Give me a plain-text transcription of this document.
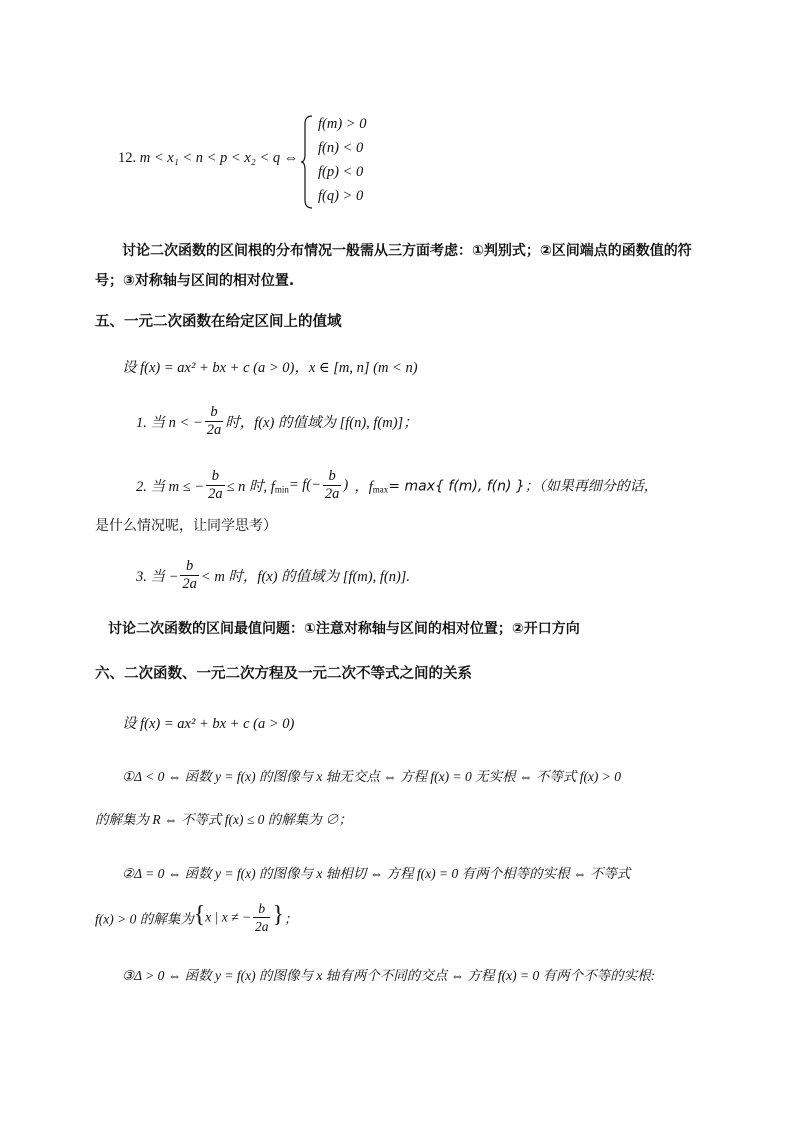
12. m < x₁ < n < p < x₂ < q ⇔
f(m) > 0
f(n) < 0
f(p) < 0
f(q) > 0
讨论二次函数的区间根的分布情况一般需从三方面考虑：①判别式；②区间端点的函数值的符
号；③对称轴与区间的相对位置.
五、一元二次函数在给定区间上的值域
设 f(x) = ax² + bx + c (a > 0)，x ∈ [m, n] (m < n)
1. 当 n < − $\frac{b}{2a}$ 时，f(x) 的值域为 [f(n), f(m)]；
2. 当 m ≤ − $\frac{b}{2a} \le n$ 时, $f_{min}= f(- \frac{b}{2a}$ ) ，$f_{max}= \max${ f(m), f(n) }；（如果再细分的话，
是什么情况呢，让同学思考）
3. 当 − $\frac{b}{2a} < m$ 时，f(x) 的值域为 [f(m), f(n)].
讨论二次函数的区间最值问题：①注意对称轴与区间的相对位置；②开口方向
六、二次函数、一元二次方程及一元二次不等式之间的关系
设 f(x) = ax² + bx + c (a > 0)
①Δ < 0 ⇔ 函数 y = f(x) 的图像与 x 轴无交点 ⇔ 方程 f(x) = 0 无实根 ⇔ 不等式 f(x) > 0
的解集为 R ⇔ 不等式 f(x) ≤ 0 的解集为 ∅；
②Δ = 0 ⇔ 函数 y = f(x) 的图像与 x 轴相切 ⇔ 方程 f(x) = 0 有两个相等的实根 ⇔ 不等式
f(x) > 0 的解集为{x | x ≠ − $\frac{b}{2a}$ }；
③Δ > 0 ⇔ 函数 y = f(x) 的图像与 x 轴有两个不同的交点 ⇔ 方程 f(x) = 0 有两个不等的实根:
